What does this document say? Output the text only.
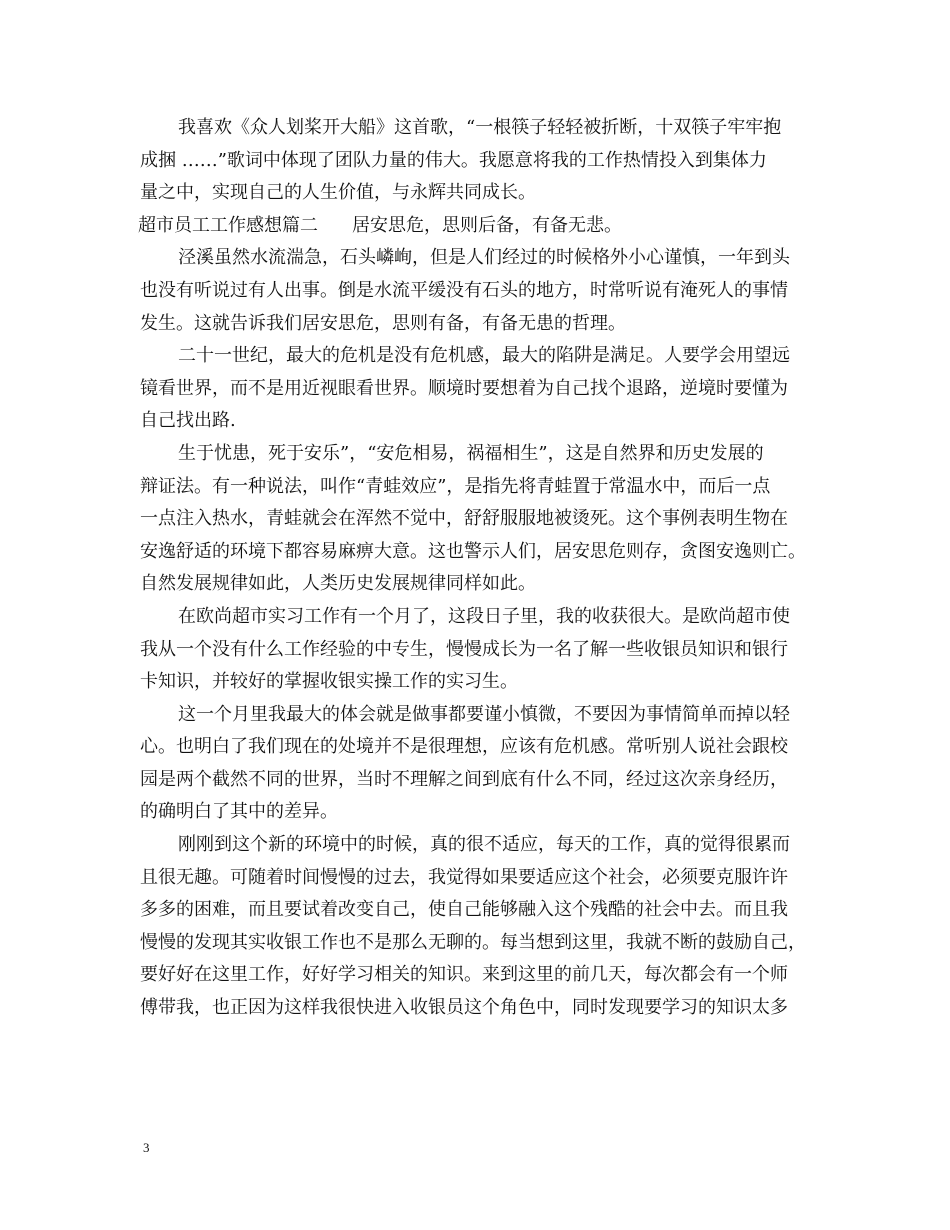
我喜欢《众人划桨开大船》这首歌，“一根筷子轻轻被折断，十双筷子牢牢抱
成捆 ……”歌词中体现了团队力量的伟大。我愿意将我的工作热情投入到集体力
量之中，实现自己的人生价值，与永辉共同成长。
超市员工工作感想篇二 居安思危，思则后备，有备无悲。
泾溪虽然水流湍急，石头嶙峋，但是人们经过的时候格外小心谨慎，一年到头
也没有听说过有人出事。倒是水流平缓没有石头的地方，时常听说有淹死人的事情
发生。这就告诉我们居安思危，思则有备，有备无患的哲理。
二十一世纪，最大的危机是没有危机感，最大的陷阱是满足。人要学会用望远
镜看世界，而不是用近视眼看世界。顺境时要想着为自己找个退路，逆境时要懂为
自己找出路.
生于忧患，死于安乐”，“安危相易，祸福相生”，这是自然界和历史发展的
辩证法。有一种说法，叫作“青蛙效应”，是指先将青蛙置于常温水中，而后一点
一点注入热水，青蛙就会在浑然不觉中，舒舒服服地被烫死。这个事例表明生物在
安逸舒适的环境下都容易麻痹大意。这也警示人们，居安思危则存，贪图安逸则亡。
自然发展规律如此，人类历史发展规律同样如此。
在欧尚超市实习工作有一个月了，这段日子里，我的收获很大。是欧尚超市使
我从一个没有什么工作经验的中专生，慢慢成长为一名了解一些收银员知识和银行
卡知识，并较好的掌握收银实操工作的实习生。
这一个月里我最大的体会就是做事都要谨小慎微，不要因为事情简单而掉以轻
心。也明白了我们现在的处境并不是很理想，应该有危机感。常听别人说社会跟校
园是两个截然不同的世界，当时不理解之间到底有什么不同，经过这次亲身经历，
的确明白了其中的差异。
刚刚到这个新的环境中的时候，真的很不适应，每天的工作，真的觉得很累而
且很无趣。可随着时间慢慢的过去，我觉得如果要适应这个社会，必须要克服许许
多多的困难，而且要试着改变自己，使自己能够融入这个残酷的社会中去。而且我
慢慢的发现其实收银工作也不是那么无聊的。每当想到这里，我就不断的鼓励自己，
要好好在这里工作，好好学习相关的知识。来到这里的前几天，每次都会有一个师
傅带我，也正因为这样我很快进入收银员这个角色中，同时发现要学习的知识太多
3
